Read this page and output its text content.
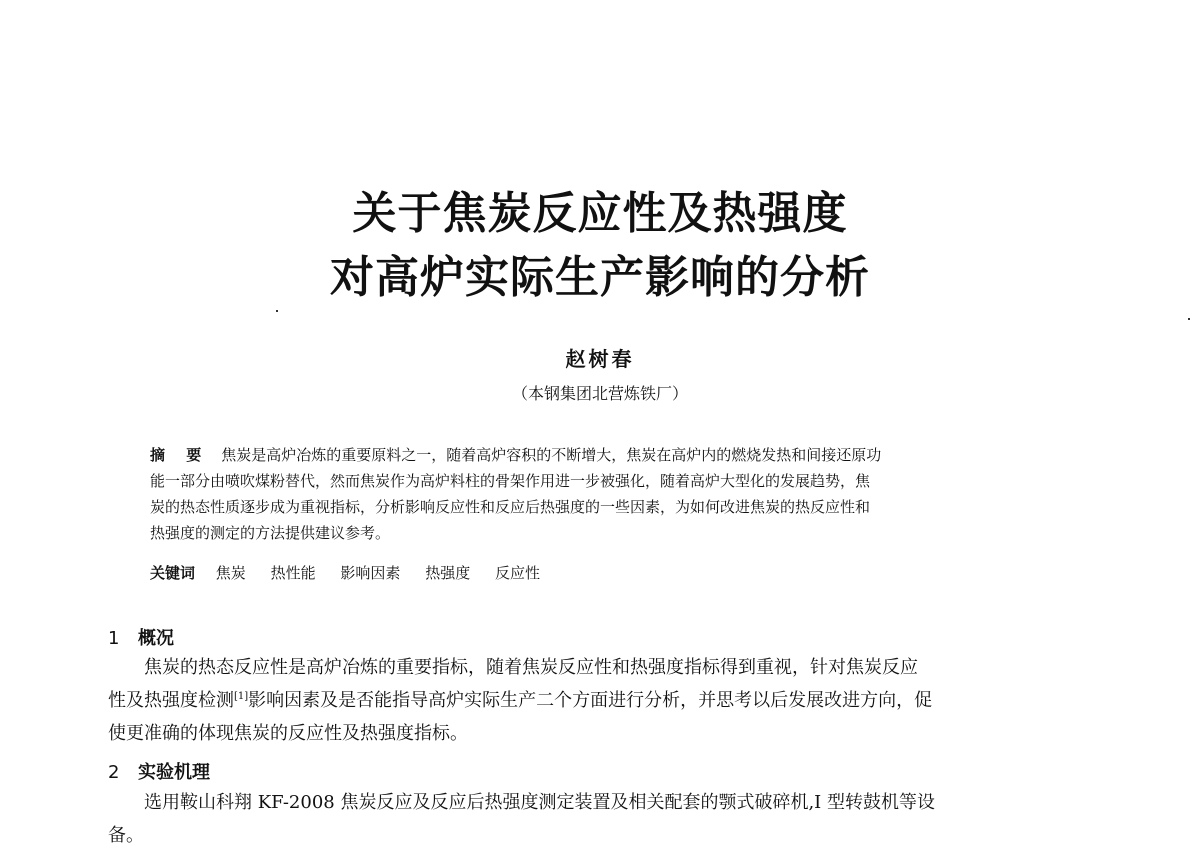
关于焦炭反应性及热强度
对高炉实际生产影响的分析
赵树春
（本钢集团北营炼铁厂）
摘 要 焦炭是高炉冶炼的重要原料之一，随着高炉容积的不断增大，焦炭在高炉内的燃烧发热和间接还原功
能一部分由喷吹煤粉替代，然而焦炭作为高炉料柱的骨架作用进一步被强化，随着高炉大型化的发展趋势，焦
炭的热态性质逐步成为重视指标，分析影响反应性和反应后热强度的一些因素，为如何改进焦炭的热反应性和
热强度的测定的方法提供建议参考。
关键词 焦炭 热性能 影响因素 热强度 反应性
1 概况
焦炭的热态反应性是高炉冶炼的重要指标，随着焦炭反应性和热强度指标得到重视，针对焦炭反应
性及热强度检测[1]影响因素及是否能指导高炉实际生产二个方面进行分析，并思考以后发展改进方向，促
使更准确的体现焦炭的反应性及热强度指标。
2 实验机理
选用鞍山科翔 KF-2008 焦炭反应及反应后热强度测定装置及相关配套的颚式破碎机,I 型转鼓机等设
备。
